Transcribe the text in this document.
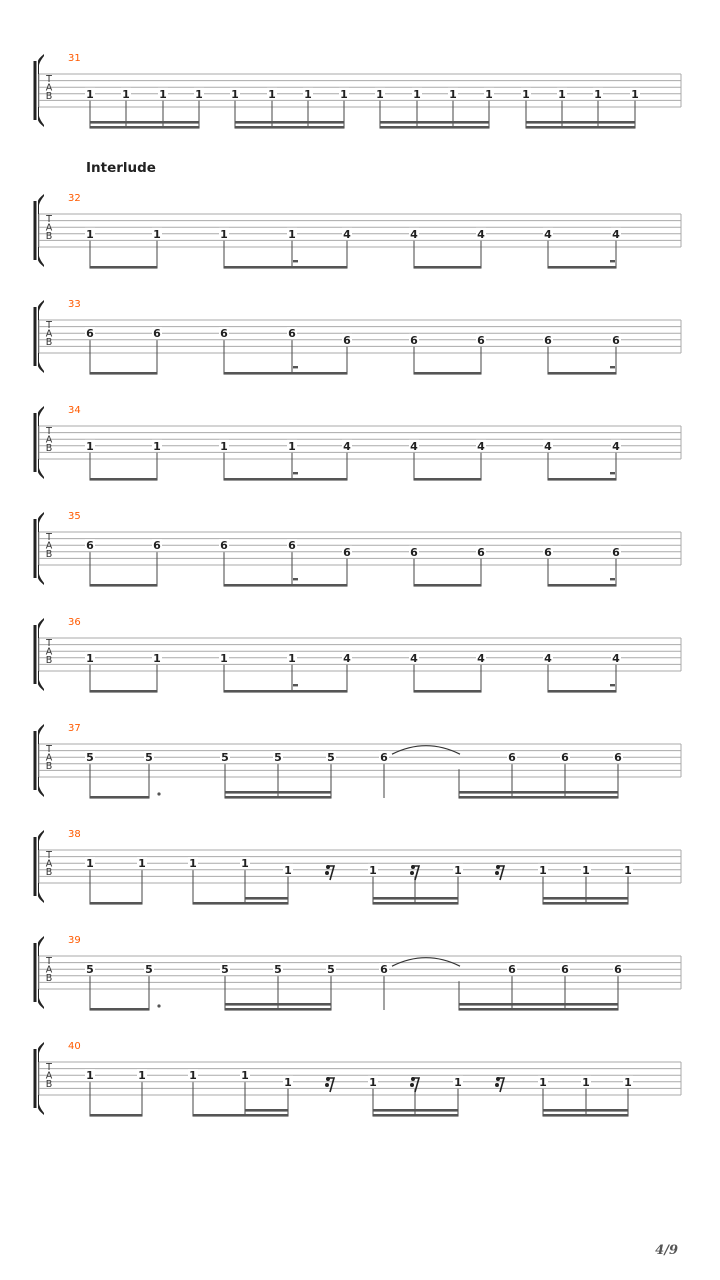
T
A
B
31
1	1	1	1	1	1	1	1	1	1	1	1	1	1	1	1
T
A
B
32
1	1	1	1	4	4	4	4	4
T
A
B
33
6	6	6	6
6	6	6	6	6
T
A
B
34
1	1	1	1	4	4	4	4	4
T
A
B
35
6	6	6	6
6	6	6	6	6
T
A
B
36
1	1	1	1	4	4	4	4	4
T
A
B
37
5	5	5	5	5	6	6	6	6
T
A
B
38
1	1	1	1
1	1	1	1	1	1
T
A
B
39
5	5	5	5	5	6	6	6	6
T
A
B
40
1	1	1	1
1	1	1	1	1	1
Interlude
4/9
